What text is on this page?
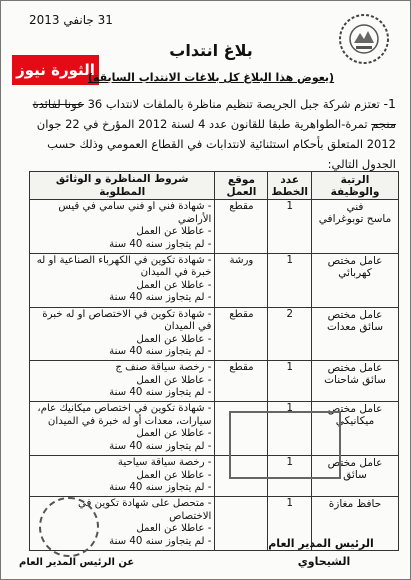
31 جانفي 2013
الثورة نيوز
بلاغ انتداب
(يعوض هذا البلاغ كل بلاغات الانتداب السابقة)
1- تعتزم شركة جبل الجريصة تنظيم مناظرة بالملفات لانتداب 36 عونا لفائدة منجم تمرة-الطواهرية طبقا للقانون عدد 4 لسنة 2012 المؤرخ في 22 جوان 2012 المتعلق بأحكام استثنائية لانتدابات في القطاع العمومي وذلك حسب الجدول التالي:
الرتبة والوظيفة	عدد الخطط	موقع العمل	شروط المناظرة و الوثائق المطلوبة

فني
ماسح توبوغرافي	1	مقطع	- شهادة فني أو فني سامي في قيس الأراضي
- عاطلا عن العمل
- لم يتجاوز سنه 40 سنة

عامل مختص
كهربائي	1	ورشة	- شهادة تكوين في الكهرباء الصناعية أو له خبرة في الميدان
- عاطلا عن العمل
- لم يتجاوز سنه 40 سنة

عامل مختص
سائق معدات	2	مقطع	- شهادة تكوين في الاختصاص أو له خبرة في الميدان
- عاطلا عن العمل
- لم يتجاوز سنه 40 سنة

عامل مختص
سائق شاحنات	1	مقطع	- رخصة سياقة صنف ج
- عاطلا عن العمل
- لم يتجاوز سنه 40 سنة

عامل مختص
ميكانيكي	1		- شهادة تكوين في اختصاص ميكانيك عام، سيارات، معدات أو له خبرة في الميدان
- عاطلا عن العمل
- لم يتجاوز سنه 40 سنة

عامل مختص
سائق	1		- رخصة سياقة سياحية
- عاطلا عن العمل
- لم يتجاوز سنه 40 سنة

حافظ مغازة	1		- متحصل على شهادة تكوين في الاختصاص
- عاطلا عن العمل
- لم يتجاوز سنه 40 سنة	الرئيس المدير العام
الشيحاوي
عن الرئيس المدير العام
